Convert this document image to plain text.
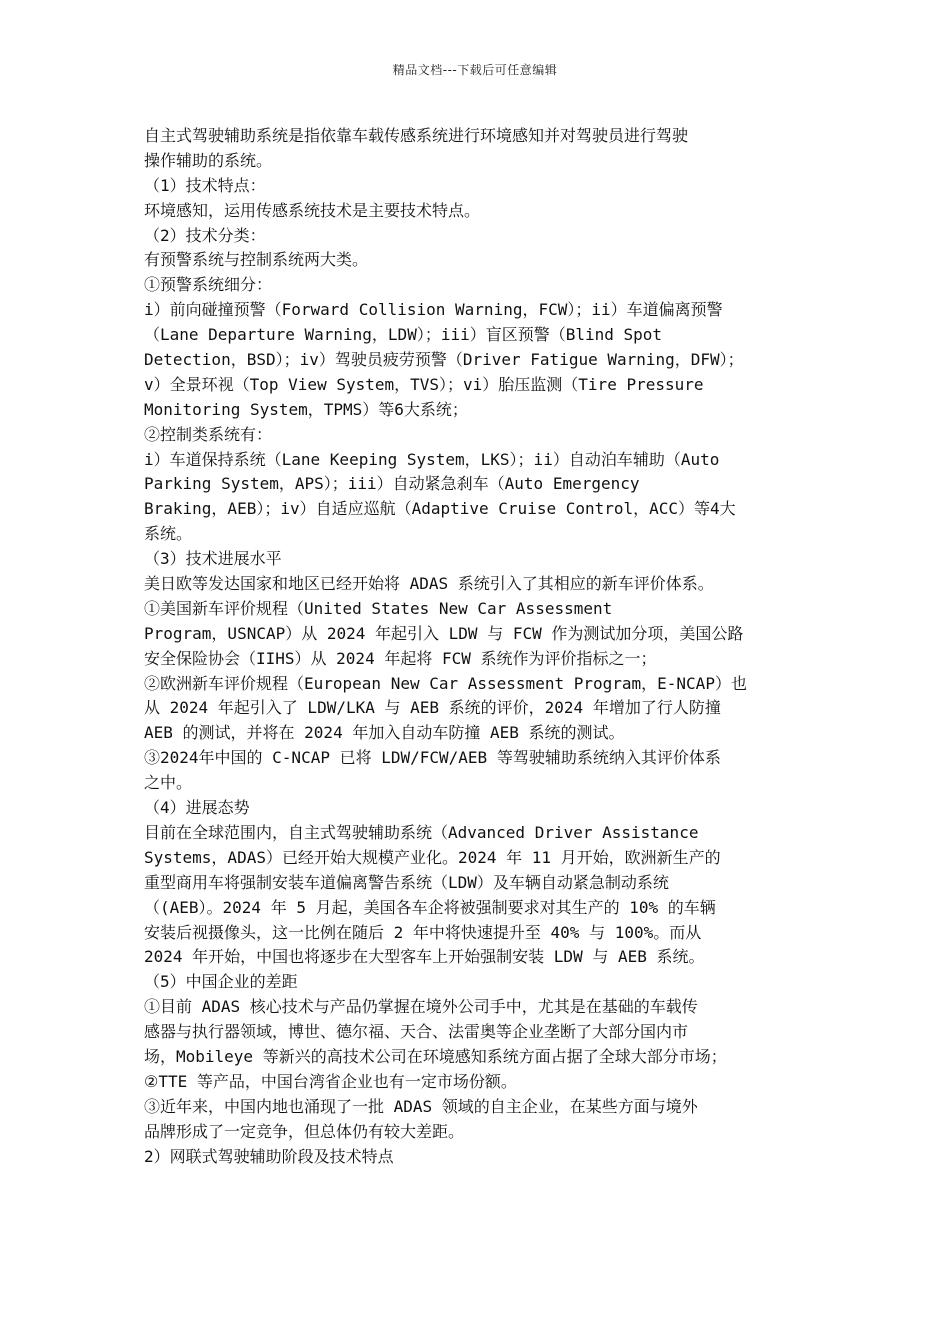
精品文档---下载后可任意编辑
自主式驾驶辅助系统是指依靠车载传感系统进行环境感知并对驾驶员进行驾驶
操作辅助的系统。
（1）技术特点：
环境感知，运用传感系统技术是主要技术特点。
（2）技术分类：
有预警系统与控制系统两大类。
①预警系统细分：
i）前向碰撞预警（Forward Collision Warning，FCW）；ii）车道偏离预警
（Lane Departure Warning，LDW）；iii）盲区预警（Blind Spot
Detection，BSD）；iv）驾驶员疲劳预警（Driver Fatigue Warning，DFW）；
v）全景环视（Top View System，TVS）；vi）胎压监测（Tire Pressure
Monitoring System，TPMS）等6大系统；
②控制类系统有：
i）车道保持系统（Lane Keeping System，LKS）；ii）自动泊车辅助（Auto
Parking System，APS）；iii）自动紧急刹车（Auto Emergency
Braking，AEB）；iv）自适应巡航（Adaptive Cruise Control，ACC）等4大
系统。
（3）技术进展水平
美日欧等发达国家和地区已经开始将 ADAS 系统引入了其相应的新车评价体系。
①美国新车评价规程（United States New Car Assessment
Program，USNCAP）从 2024 年起引入 LDW 与 FCW 作为测试加分项，美国公路
安全保险协会（IIHS）从 2024 年起将 FCW 系统作为评价指标之一；
②欧洲新车评价规程（European New Car Assessment Program，E-NCAP）也
从 2024 年起引入了 LDW/LKA 与 AEB 系统的评价，2024 年增加了行人防撞
AEB 的测试，并将在 2024 年加入自动车防撞 AEB 系统的测试。
③2024年中国的 C-NCAP 已将 LDW/FCW/AEB 等驾驶辅助系统纳入其评价体系
之中。
（4）进展态势
目前在全球范围内，自主式驾驶辅助系统（Advanced Driver Assistance
Systems，ADAS）已经开始大规模产业化。2024 年 11 月开始，欧洲新生产的
重型商用车将强制安装车道偏离警告系统（LDW）及车辆自动紧急制动系统
（(AEB）。2024 年 5 月起，美国各车企将被强制要求对其生产的 10% 的车辆
安装后视摄像头，这一比例在随后 2 年中将快速提升至 40% 与 100%。而从
2024 年开始，中国也将逐步在大型客车上开始强制安装 LDW 与 AEB 系统。
（5）中国企业的差距
①目前 ADAS 核心技术与产品仍掌握在境外公司手中，尤其是在基础的车载传
感器与执行器领域，博世、德尔福、天合、法雷奥等企业垄断了大部分国内市
场，Mobileye 等新兴的高技术公司在环境感知系统方面占据了全球大部分市场；
②TTE 等产品，中国台湾省企业也有一定市场份额。
③近年来，中国内地也涌现了一批 ADAS 领域的自主企业，在某些方面与境外
品牌形成了一定竞争，但总体仍有较大差距。
2）网联式驾驶辅助阶段及技术特点
